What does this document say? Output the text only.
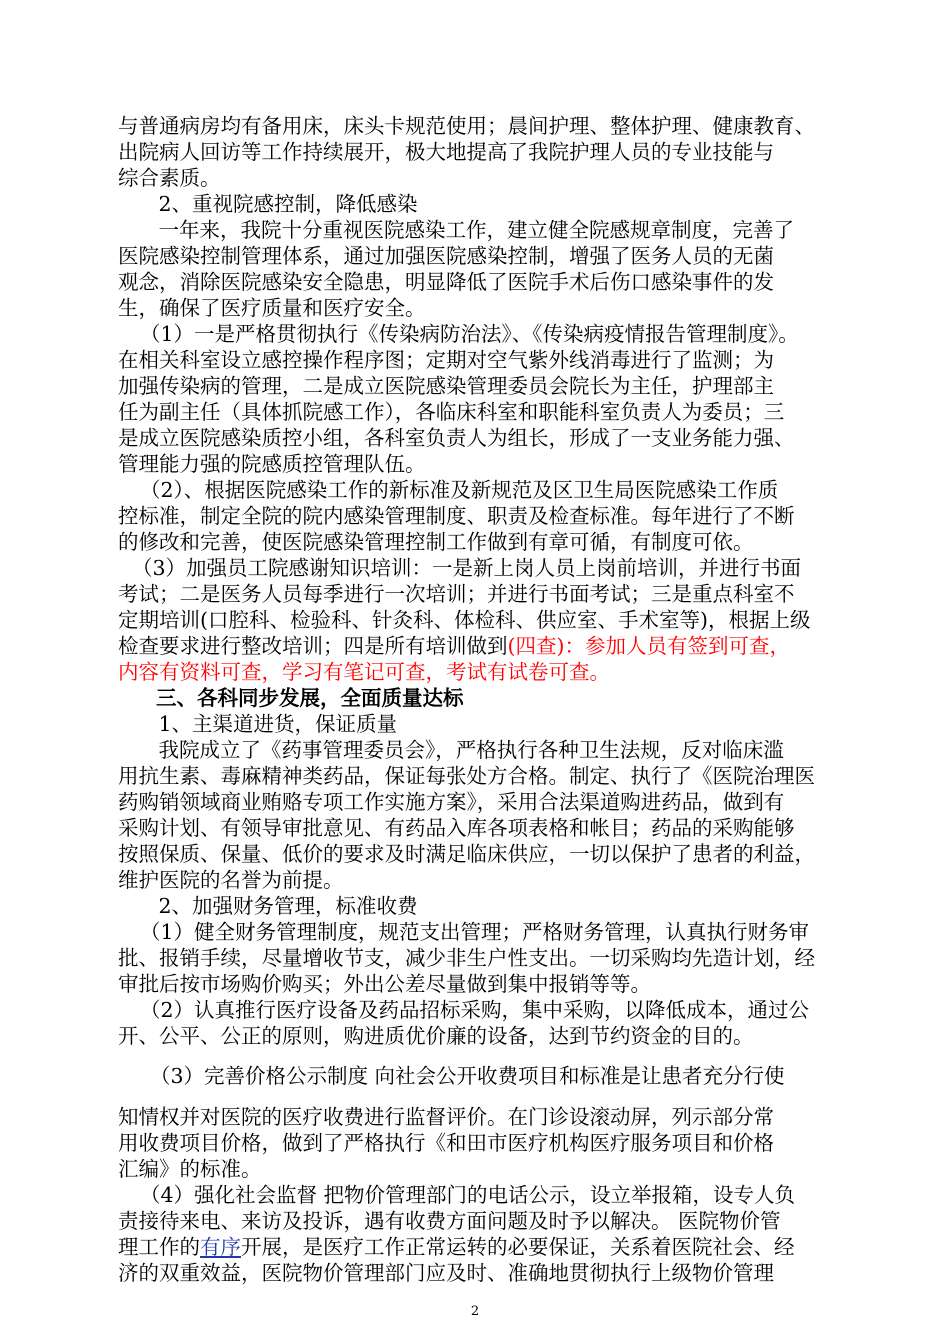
与普通病房均有备用床，床头卡规范使用；晨间护理、整体护理、健康教育、
出院病人回访等工作持续展开，极大地提高了我院护理人员的专业技能与
综合素质。
　2、重视院感控制，降低感染
　一年来，我院十分重视医院感染工作，建立健全院感规章制度，完善了
医院感染控制管理体系，通过加强医院感染控制，增强了医务人员的无菌
观念，消除医院感染安全隐患，明显降低了医院手术后伤口感染事件的发
生，确保了医疗质量和医疗安全。
（1）一是严格贯彻执行《传染病防治法》、《传染病疫情报告管理制度》。
在相关科室设立感控操作程序图；定期对空气紫外线消毒进行了监测；为
加强传染病的管理，二是成立医院感染管理委员会院长为主任，护理部主
任为副主任（具体抓院感工作），各临床科室和职能科室负责人为委员；三
是成立医院感染质控小组，各科室负责人为组长，形成了一支业务能力强、
管理能力强的院感质控管理队伍。
（2）、根据医院感染工作的新标准及新规范及区卫生局医院感染工作质
控标准，制定全院的院内感染管理制度、职责及检查标准。每年进行了不断
的修改和完善，使医院感染管理控制工作做到有章可循，有制度可依。
（3）加强员工院感谢知识培训：一是新上岗人员上岗前培训，并进行书面
考试；二是医务人员每季进行一次培训；并进行书面考试；三是重点科室不
定期培训(口腔科、检验科、针灸科、体检科、供应室、手术室等)，根据上级
检查要求进行整改培训；四是所有培训做到(四查)：参加人员有签到可查，
内容有资料可查，学习有笔记可查，考试有试卷可查。
三、各科同步发展，全面质量达标
　1、主渠道进货，保证质量
　我院成立了《药事管理委员会》，严格执行各种卫生法规，反对临床滥
用抗生素、毒麻精神类药品，保证每张处方合格。制定、执行了《医院治理医
药购销领域商业贿赂专项工作实施方案》，采用合法渠道购进药品，做到有
采购计划、有领导审批意见、有药品入库各项表格和帐目；药品的采购能够
按照保质、保量、低价的要求及时满足临床供应，一切以保护了患者的利益，
维护医院的名誉为前提。
　2、加强财务管理，标准收费
（1）健全财务管理制度，规范支出管理；严格财务管理，认真执行财务审
批、报销手续，尽量增收节支，减少非生户性支出。一切采购均先造计划，经
审批后按市场购价购买；外出公差尽量做到集中报销等等。
（2）认真推行医疗设备及药品招标采购，集中采购，以降低成本，通过公
开、公平、公正的原则，购进质优价廉的设备，达到节约资金的目的。
（3）完善价格公示制度 向社会公开收费项目和标准是让患者充分行使
知情权并对医院的医疗收费进行监督评价。在门诊设滚动屏，列示部分常
用收费项目价格，做到了严格执行《和田市医疗机构医疗服务项目和价格
汇编》的标准。
（4）强化社会监督 把物价管理部门的电话公示，设立举报箱，设专人负
责接待来电、来访及投诉，遇有收费方面问题及时予以解决。 医院物价管
理工作的有序开展，是医疗工作正常运转的必要保证，关系着医院社会、经
济的双重效益，医院物价管理部门应及时、准确地贯彻执行上级物价管理
2
